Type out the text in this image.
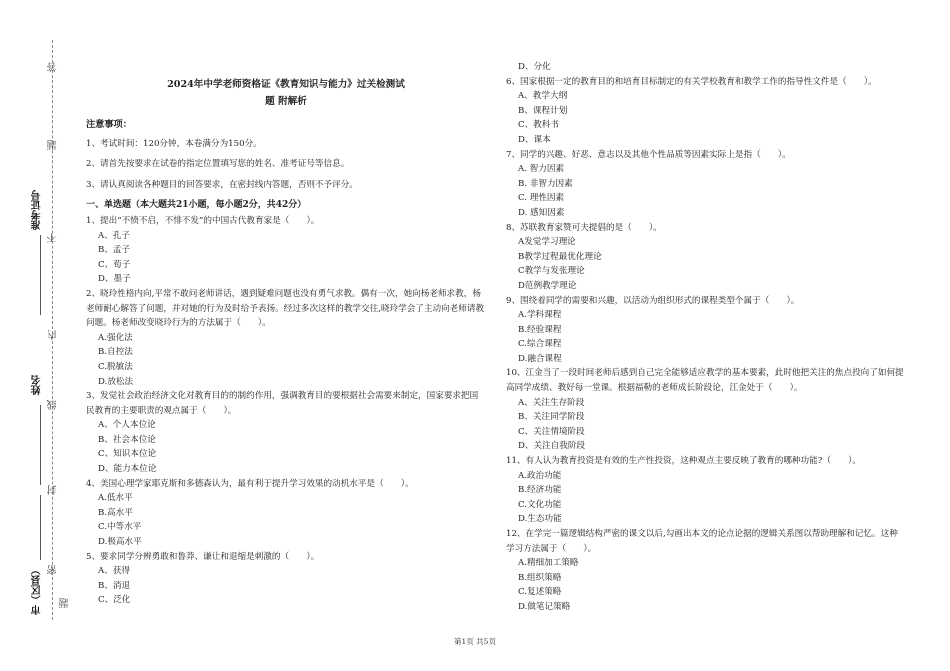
答
题
不
内
线
封
密
题
准考证号
姓名
市（区县）
2024年中学老师资格证《教育知识与能力》过关检测试
题 附解析
注意事项：
1、考试时间：120分钟，本卷满分为150分。
2、请首先按要求在试卷的指定位置填写您的姓名、准考证号等信息。
3、请认真阅读各种题目的回答要求，在密封线内答题，否则不予评分。
一、单选题（本大题共21小题，每小题2分，共42分）
1、提出“不愤不启，不悱不发”的中国古代教育家是（　　）。
A、孔子
B、孟子
C、荀子
D、墨子
2、晓玲性格内向,平常不敢问老师讲话，遇到疑难问题也没有勇气求教。偶有一次，她向杨老师求教，杨老师耐心解答了问题，并对她的行为及时给予表扬。经过多次这样的教学交往,晓玲学会了主动向老师请教问题。杨老师改变晓玲行为的方法属于（　　）。
A.强化法
B.自控法
C.脱敏法
D.放松法
3、发觉社会政治经济文化对教育目的的制约作用，强调教育目的要根据社会需要来制定，国家要求把国民教育的主要职责的观点属于（　　）。
A、个人本位论
B、社会本位论
C、知识本位论
D、能力本位论
4、美国心理学家耶克斯和多德森认为，最有利于提升学习效果的动机水平是（　　）。
A.低水平
B.高水平
C.中等水平
D.极高水平
5、要求同学分辨勇敢和鲁莽、谦让和退缩是刺激的（　　）。
A、获得
B、消退
C、泛化
D、分化
6、国家根据一定的教育目的和培育目标制定的有关学校教育和教学工作的指导性文件是（　　）。
A、教学大纲
B、课程计划
C、教科书
D、课本
7、同学的兴趣、好恶、意志以及其他个性品质等因素实际上是指（　　）。
A. 智力因素
B. 非智力因素
C. 理性因素
D. 感知因素
8、苏联教育家赞可夫提倡的是（　　）。
A发觉学习理论
B教学过程最优化理论
C教学与发张理论
D范例教学理论
9、围绕着同学的需要和兴趣，以活动为组织形式的课程类型个属于（　　）。
A.学科课程
B.经验课程
C.综合课程
D.融合课程
10、江金当了一段时间老师后感到自己完全能够适应教学的基本要素，此时他把关注的焦点投向了如何提高同学成绩、教好每一堂课。根据福勒的老师成长阶段论，江金处于（　　）。
A、关注生存阶段
B、关注同学阶段
C、关注情境阶段
D、关注自我阶段
11、有人认为教育投资是有效的生产性投资，这种观点主要反映了教育的哪种功能?（　　）。
A.政治功能
B.经济功能
C.文化功能
D.生态功能
12、在学完一篇逻辑结构严密的课文以后,勾画出本文的论点论据的逻辑关系图以帮助理解和记忆。这种学习方法属于（　　）。
A.精细加工策略
B.组织策略
C.复述策略
D.做笔记策略
第1页 共5页
